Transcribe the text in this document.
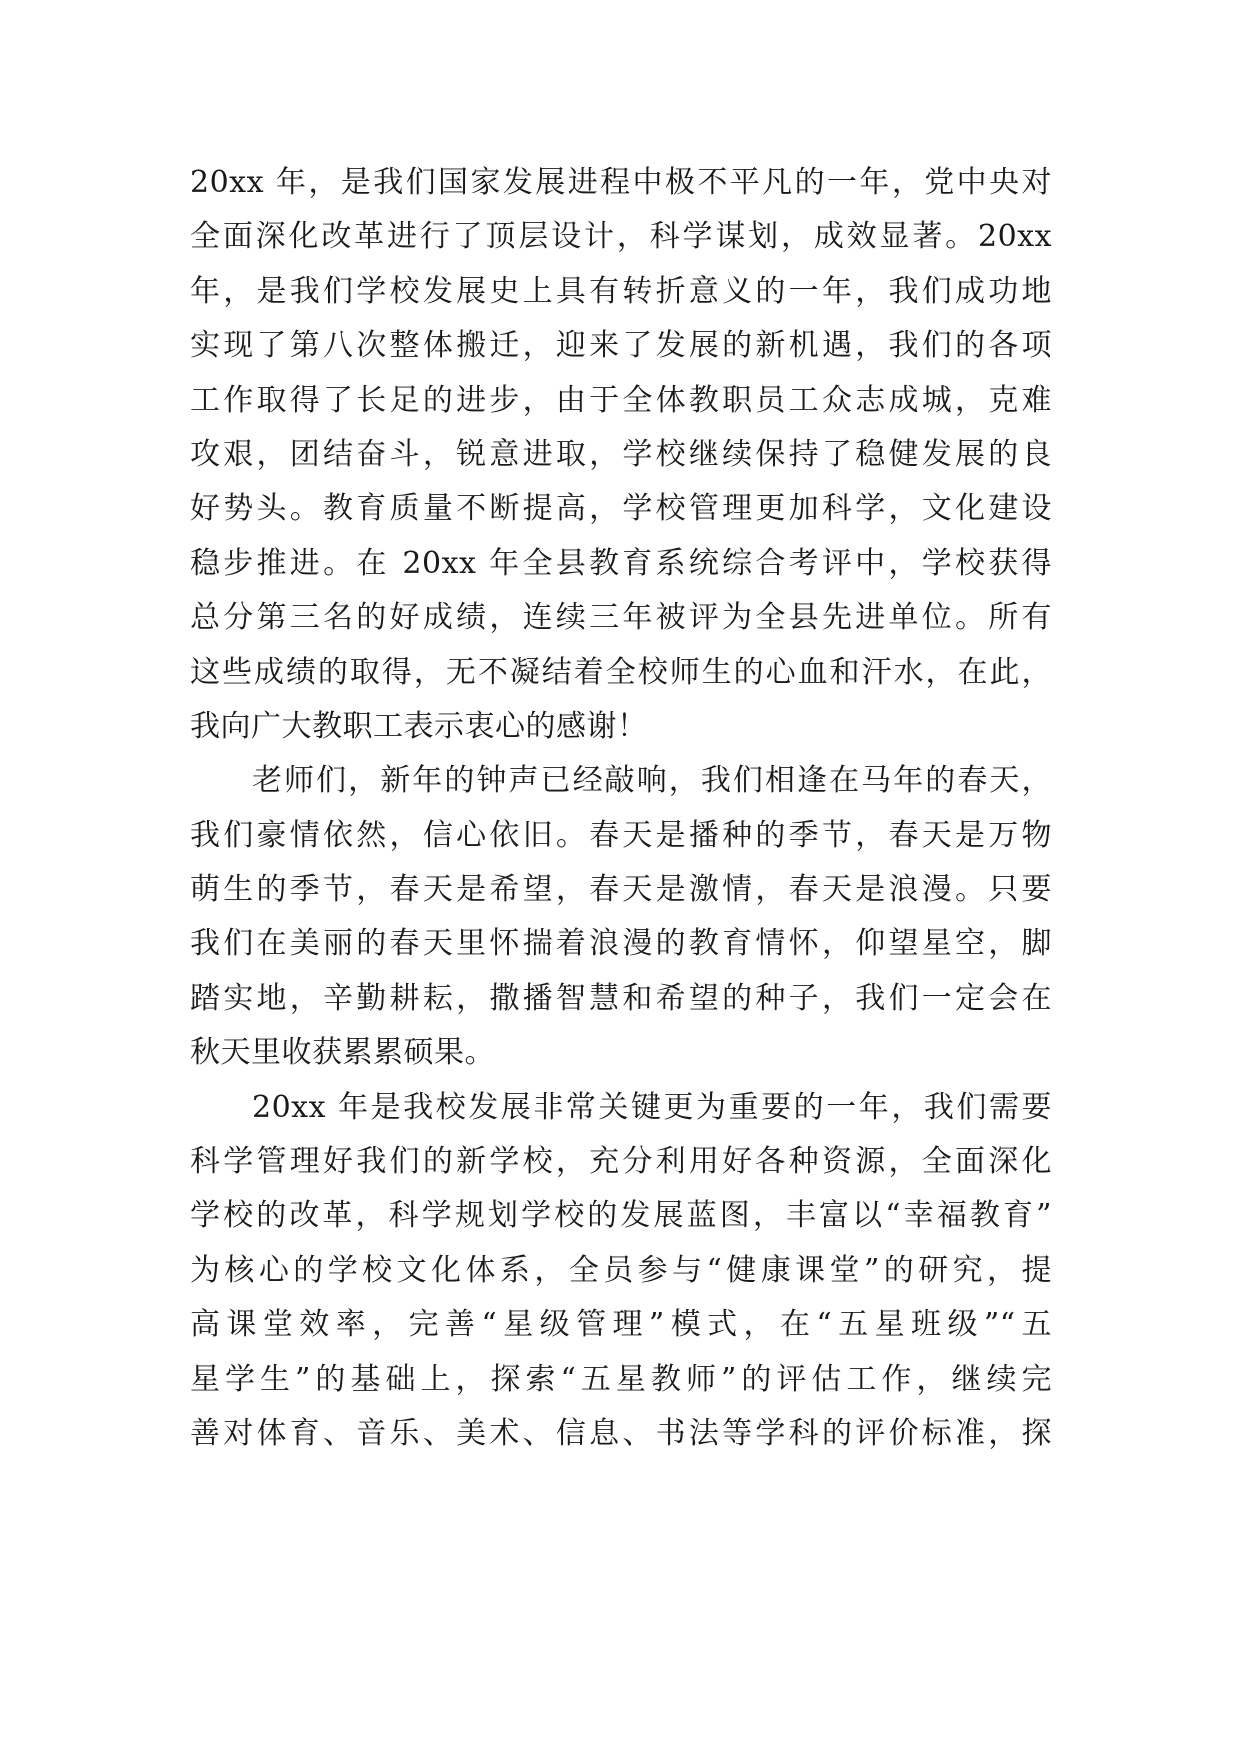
20xx 年，是我们国家发展进程中极不平凡的一年，党中央对
全面深化改革进行了顶层设计，科学谋划，成效显著。20xx
年，是我们学校发展史上具有转折意义的一年，我们成功地
实现了第八次整体搬迁，迎来了发展的新机遇，我们的各项
工作取得了长足的进步，由于全体教职员工众志成城，克难
攻艰，团结奋斗，锐意进取，学校继续保持了稳健发展的良
好势头。教育质量不断提高，学校管理更加科学，文化建设
稳步推进。在 20xx 年全县教育系统综合考评中，学校获得
总分第三名的好成绩，连续三年被评为全县先进单位。所有
这些成绩的取得，无不凝结着全校师生的心血和汗水，在此，
我向广大教职工表示衷心的感谢！
老师们，新年的钟声已经敲响，我们相逢在马年的春天，
我们豪情依然，信心依旧。春天是播种的季节，春天是万物
萌生的季节，春天是希望，春天是激情，春天是浪漫。只要
我们在美丽的春天里怀揣着浪漫的教育情怀，仰望星空，脚
踏实地，辛勤耕耘，撒播智慧和希望的种子，我们一定会在
秋天里收获累累硕果。
20xx 年是我校发展非常关键更为重要的一年，我们需要
科学管理好我们的新学校，充分利用好各种资源，全面深化
学校的改革，科学规划学校的发展蓝图，丰富以“幸福教育”
为核心的学校文化体系，全员参与“健康课堂”的研究，提
高课堂效率，完善“星级管理”模式，在“五星班级”“五
星学生”的基础上，探索“五星教师”的评估工作，继续完
善对体育、音乐、美术、信息、书法等学科的评价标准，探
